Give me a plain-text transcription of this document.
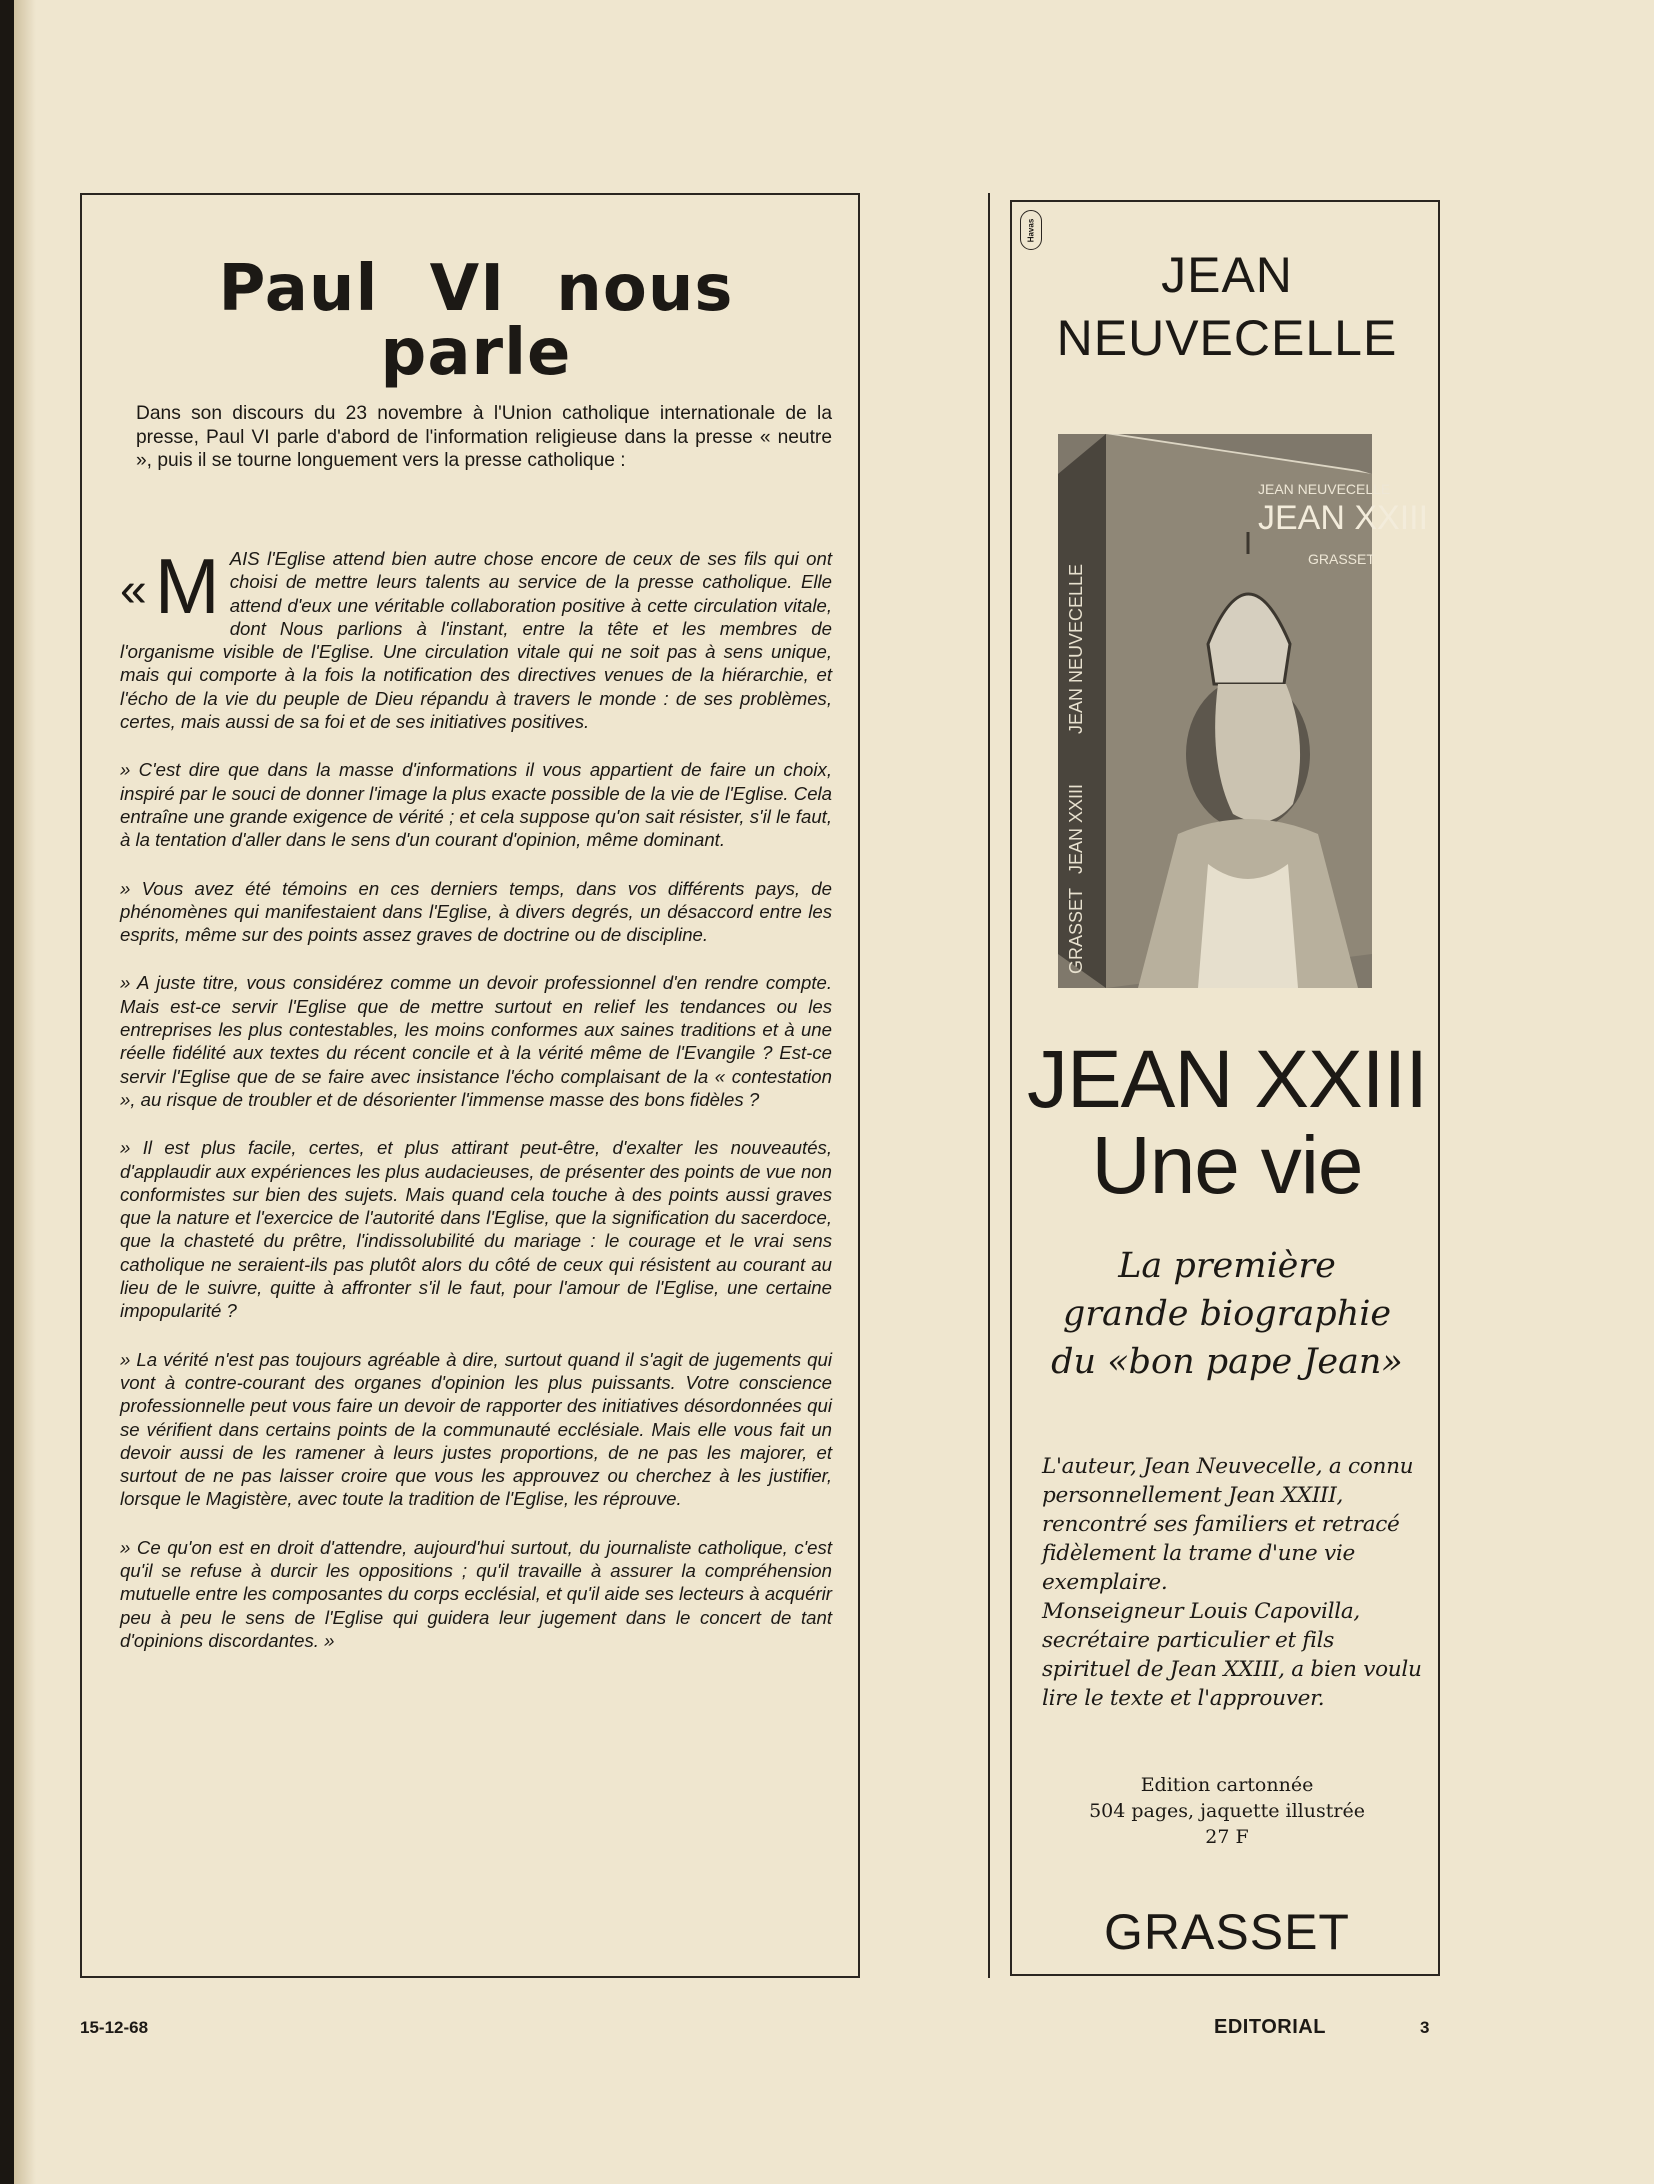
Paul VI nous parle

Dans son discours du 23 novembre à l'Union catholique internationale de la presse, Paul VI parle d'abord de l'information religieuse dans la presse « neutre », puis il se tourne longuement vers la presse catholique :

« M AIS l'Eglise attend bien autre chose encore de ceux de ses fils qui ont choisi de mettre leurs talents au service de la presse catholique. Elle attend d'eux une véritable collaboration positive à cette circulation vitale, dont Nous parlions à l'instant, entre la tête et les membres de l'organisme visible de l'Eglise. Une circulation vitale qui ne soit pas à sens unique, mais qui comporte à la fois la notification des directives venues de la hiérarchie, et l'écho de la vie du peuple de Dieu répandu à travers le monde : de ses problèmes, certes, mais aussi de sa foi et de ses initiatives positives.

» C'est dire que dans la masse d'informations il vous appartient de faire un choix, inspiré par le souci de donner l'image la plus exacte possible de la vie de l'Eglise. Cela entraîne une grande exigence de vérité ; et cela suppose qu'on sait résister, s'il le faut, à la tentation d'aller dans le sens d'un courant d'opinion, même dominant.

» Vous avez été témoins en ces derniers temps, dans vos différents pays, de phénomènes qui manifestaient dans l'Eglise, à divers degrés, un désaccord entre les esprits, même sur des points assez graves de doctrine ou de discipline.

» A juste titre, vous considérez comme un devoir professionnel d'en rendre compte. Mais est-ce servir l'Eglise que de mettre surtout en relief les tendances ou les entreprises les plus contestables, les moins conformes aux saines traditions et à une réelle fidélité aux textes du récent concile et à la vérité même de l'Evangile ? Est-ce servir l'Eglise que de se faire avec insistance l'écho complaisant de la « contestation », au risque de troubler et de désorienter l'immense masse des bons fidèles ?

» Il est plus facile, certes, et plus attirant peut-être, d'exalter les nouveautés, d'applaudir aux expériences les plus audacieuses, de présenter des points de vue non conformistes sur bien des sujets. Mais quand cela touche à des points aussi graves que la nature et l'exercice de l'autorité dans l'Eglise, que la signification du sacerdoce, que la chasteté du prêtre, l'indissolubilité du mariage : le courage et le vrai sens catholique ne seraient-ils pas plutôt alors du côté de ceux qui résistent au courant au lieu de le suivre, quitte à affronter s'il le faut, pour l'amour de l'Eglise, une certaine impopularité ?

» La vérité n'est pas toujours agréable à dire, surtout quand il s'agit de jugements qui vont à contre-courant des organes d'opinion les plus puissants. Votre conscience professionnelle peut vous faire un devoir de rapporter des initiatives désordonnées qui se vérifient dans certains points de la communauté ecclésiale. Mais elle vous fait un devoir aussi de les ramener à leurs justes proportions, de ne pas les majorer, et surtout de ne pas laisser croire que vous les approuvez ou cherchez à les justifier, lorsque le Magistère, avec toute la tradition de l'Eglise, les réprouve.

» Ce qu'on est en droit d'attendre, aujourd'hui surtout, du journaliste catholique, c'est qu'il se refuse à durcir les oppositions ; qu'il travaille à assurer la compréhension mutuelle entre les composantes du corps ecclésial, et qu'il aide ses lecteurs à acquérir peu à peu le sens de l'Eglise qui guidera leur jugement dans le concert de tant d'opinions discordantes. »

Havas
JEAN
NEUVECELLE
JEAN NEUVECELLE
JEAN XXIII
GRASSET
JEAN NEUVECELLE
JEAN XXIII
GRASSET
JEAN XXIII
Une vie
La première
grande biographie
du «bon pape Jean»
L'auteur, Jean Neuvecelle, a connu personnellement Jean XXIII, rencontré ses familiers et retracé fidèlement la trame d'une vie exemplaire.
Monseigneur Louis Capovilla, secrétaire particulier et fils spirituel de Jean XXIII, a bien voulu lire le texte et l'approuver.
Edition cartonnée
504 pages, jaquette illustrée
27 F
GRASSET
15-12-68	EDITORIAL	3
